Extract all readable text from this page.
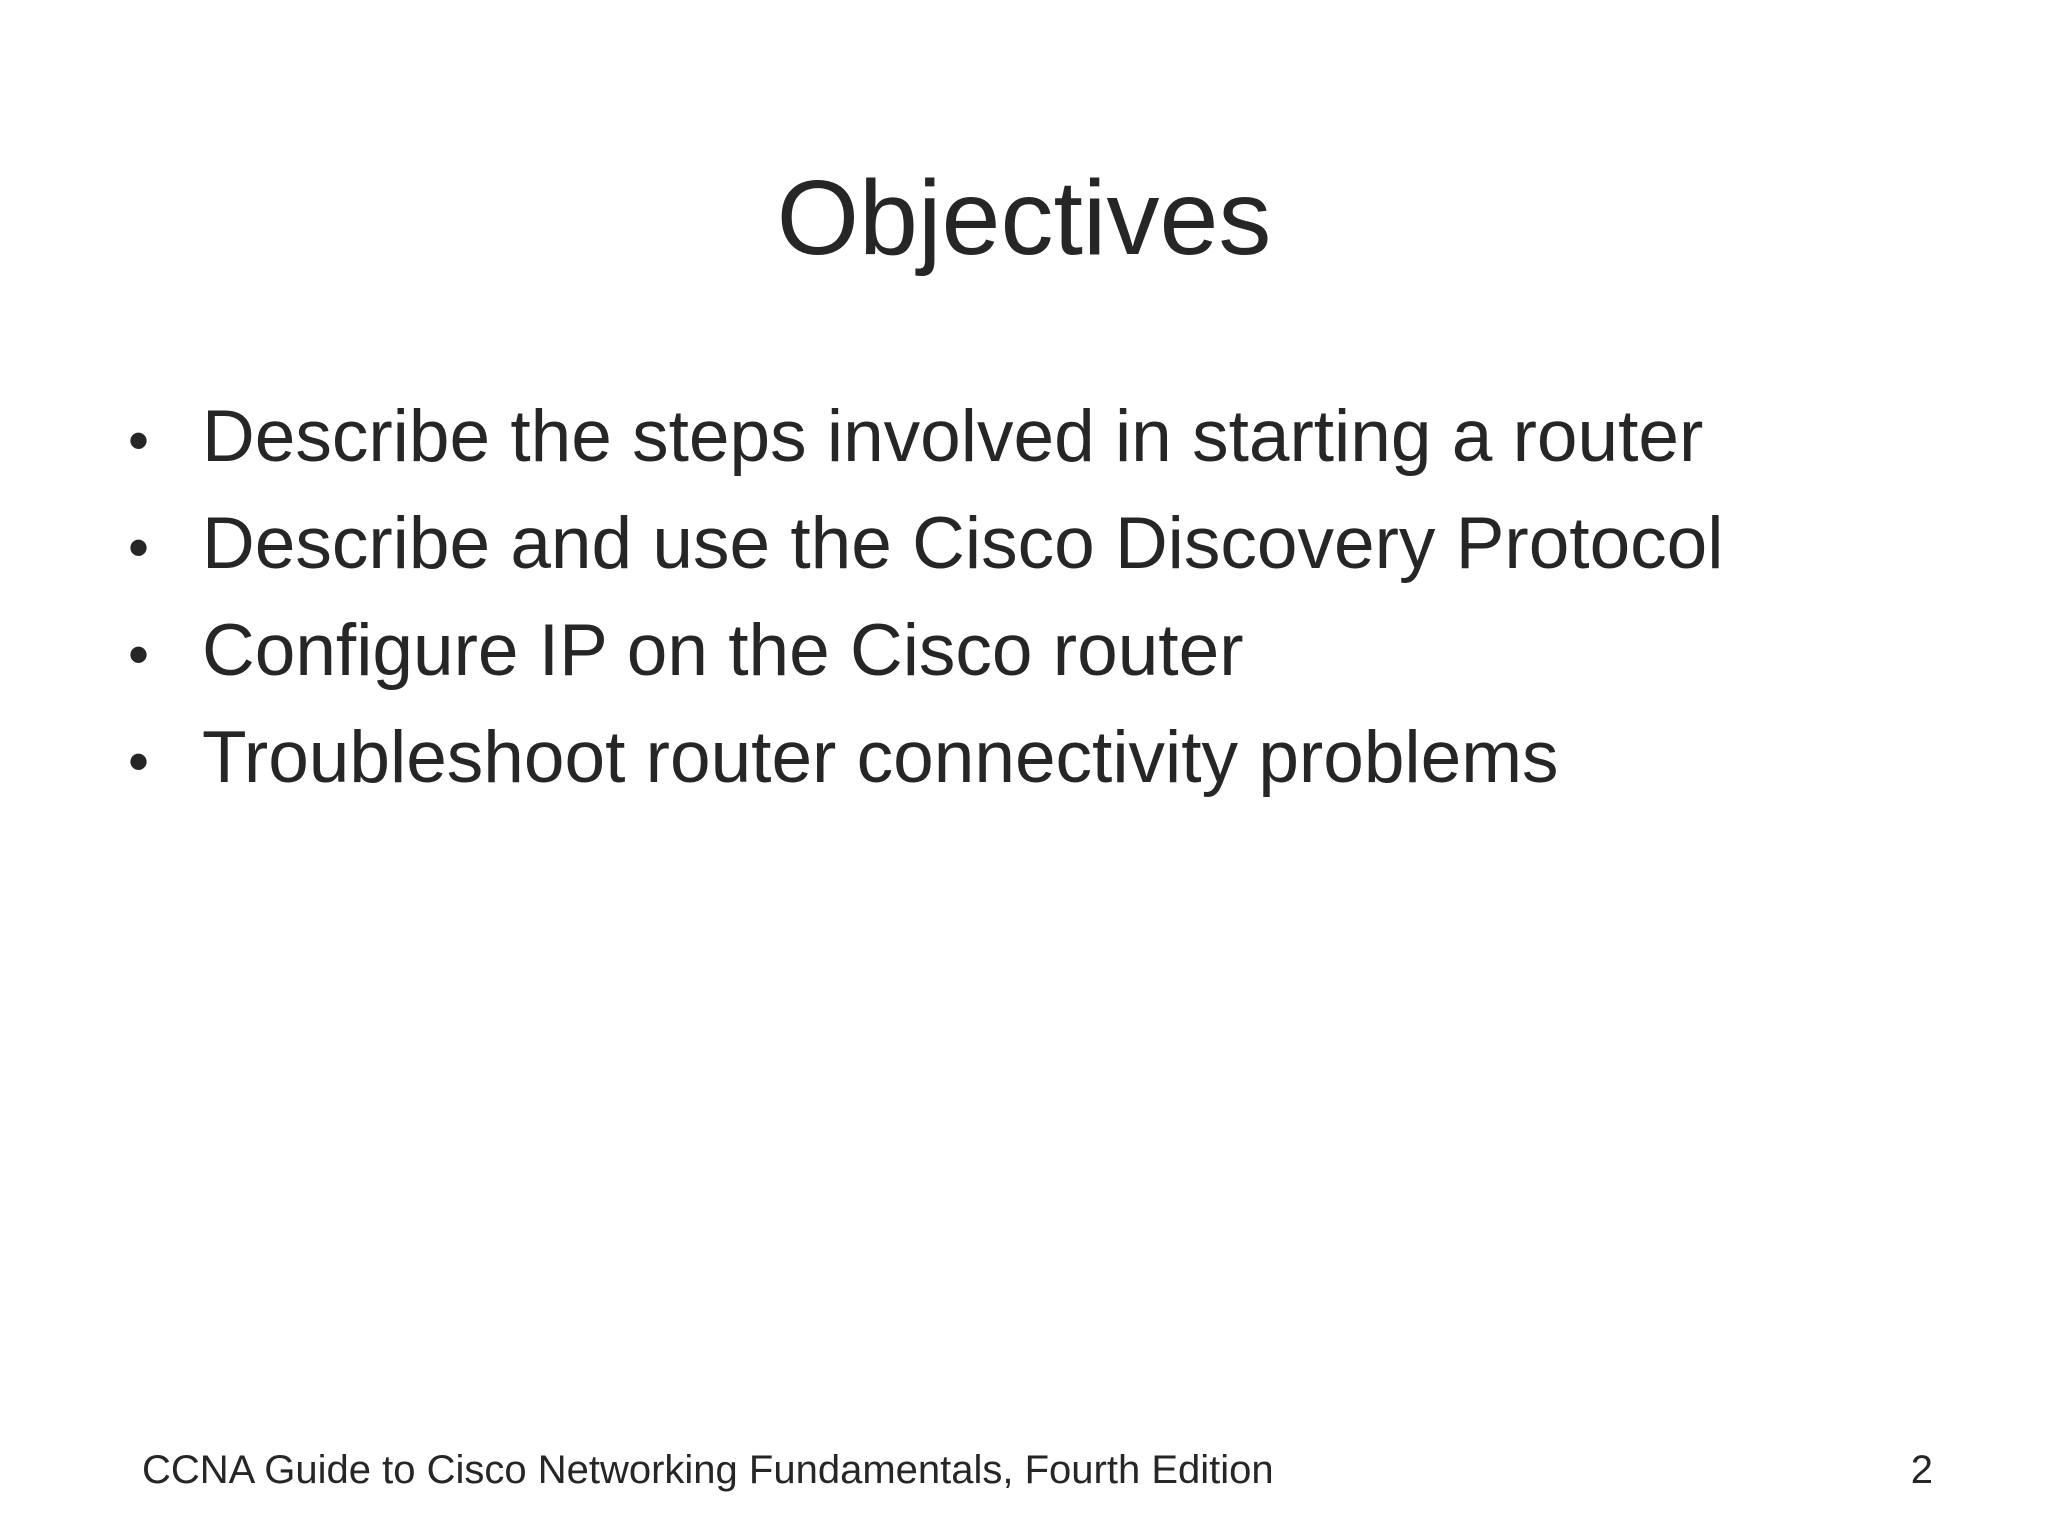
Objectives
• Describe the steps involved in starting a router
• Describe and use the Cisco Discovery Protocol
• Configure IP on the Cisco router
• Troubleshoot router connectivity problems
CCNA Guide to Cisco Networking Fundamentals, Fourth Edition	2
